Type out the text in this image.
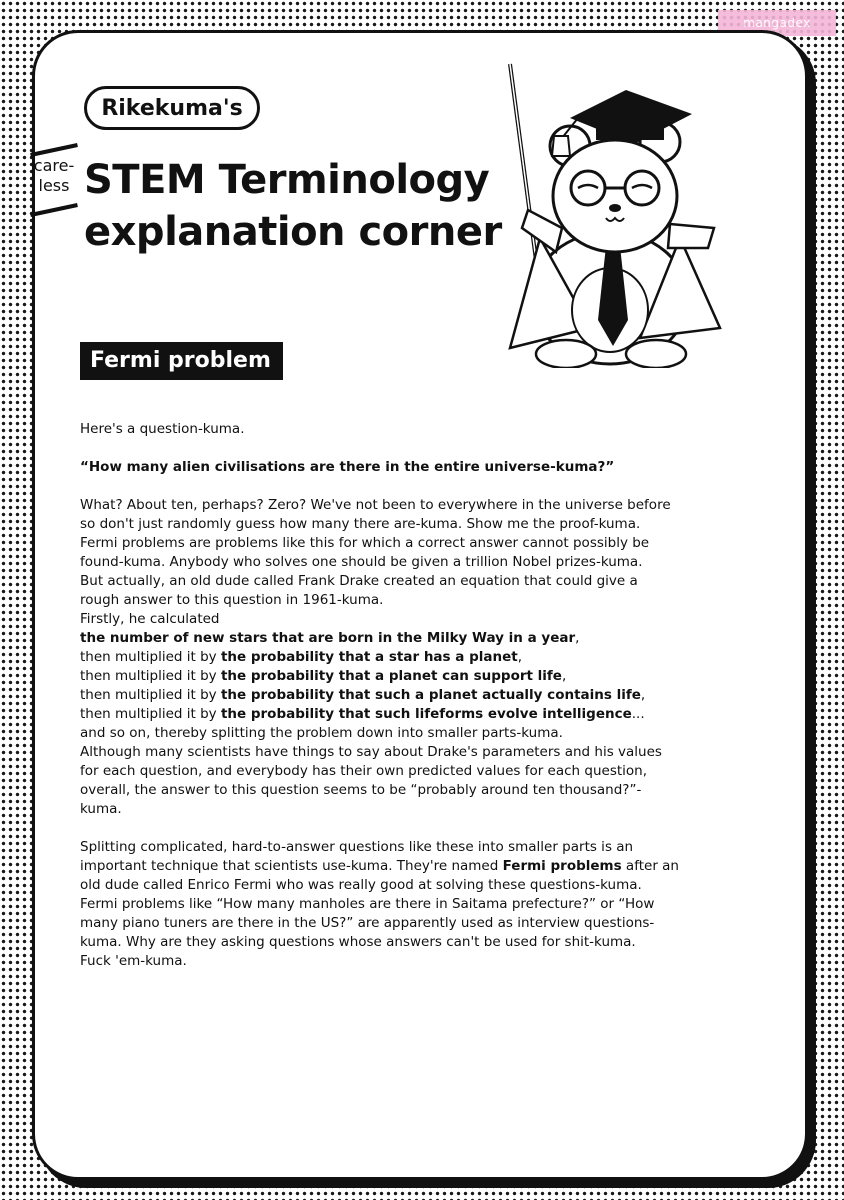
mangadex
Rikekuma's
care-
less STEM Terminology
explanation corner
Fermi problem

Here's a question-kuma.

“How many alien civilisations are there in the entire universe-kuma?”

What? About ten, perhaps? Zero? We've not been to everywhere in the universe before

so don't just randomly guess how many there are-kuma. Show me the proof-kuma.

Fermi problems are problems like this for which a correct answer cannot possibly be

found-kuma. Anybody who solves one should be given a trillion Nobel prizes-kuma.

But actually, an old dude called Frank Drake created an equation that could give a

rough answer to this question in 1961-kuma.

Firstly, he calculated

the number of new stars that are born in the Milky Way in a year,

then multiplied it by the probability that a star has a planet,

then multiplied it by the probability that a planet can support life,

then multiplied it by the probability that such a planet actually contains life,

then multiplied it by the probability that such lifeforms evolve intelligence...

and so on, thereby splitting the problem down into smaller parts-kuma.

Although many scientists have things to say about Drake's parameters and his values

for each question, and everybody has their own predicted values for each question,

overall, the answer to this question seems to be “probably around ten thousand?”-

kuma.

Splitting complicated, hard-to-answer questions like these into smaller parts is an

important technique that scientists use-kuma. They're named Fermi problems after an

old dude called Enrico Fermi who was really good at solving these questions-kuma.

Fermi problems like “How many manholes are there in Saitama prefecture?” or “How

many piano tuners are there in the US?” are apparently used as interview questions-

kuma. Why are they asking questions whose answers can't be used for shit-kuma.

Fuck 'em-kuma.
